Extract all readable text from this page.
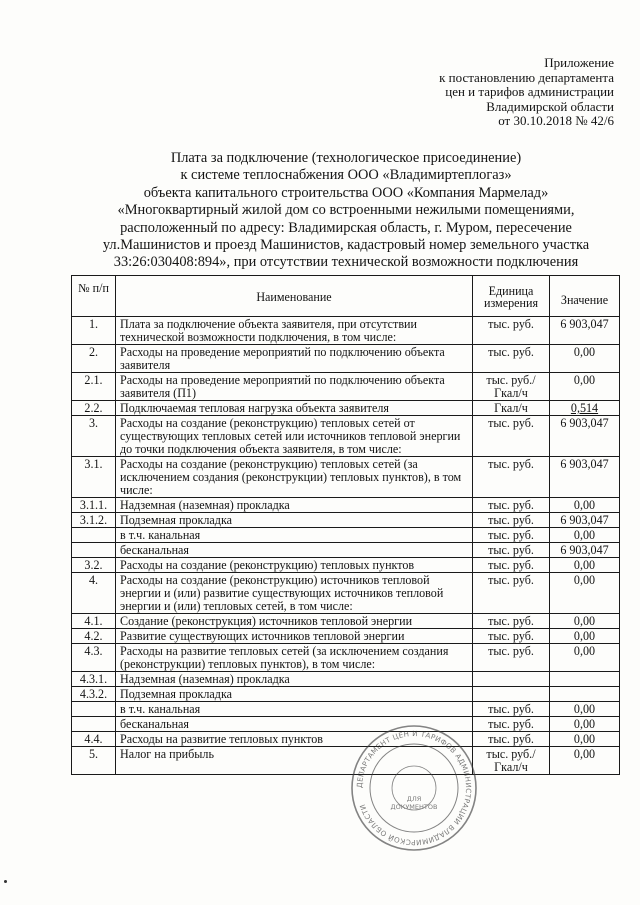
Приложение
к постановлению департамента
цен и тарифов администрации
Владимирской области
от 30.10.2018 № 42/6
Плата за подключение (технологическое присоединение)
к системе теплоснабжения ООО «Владимиртеплогаз»
объекта капитального строительства ООО «Компания Мармелад»
«Многоквартирный жилой дом со встроенными нежилыми помещениями,
расположенный по адресу: Владимирская область, г. Муром, пересечение
ул.Машинистов и проезд Машинистов, кадастровый номер земельного участка
33:26:030408:894», при отсутствии технической возможности подключения
№ п/п	Наименование	Единица измерения	Значение
1.	Плата за подключение объекта заявителя, при отсутствии технической возможности подключения, в том числе:	тыс. руб.	6 903,047
2.	Расходы на проведение мероприятий по подключению объекта заявителя	тыс. руб.	0,00
2.1.	Расходы на проведение мероприятий по подключению объекта заявителя (П1)	тыс. руб./ Гкал/ч	0,00
2.2.	Подключаемая тепловая нагрузка объекта заявителя	Гкал/ч	0,514
3.	Расходы на создание (реконструкцию) тепловых сетей от существующих тепловых сетей или источников тепловой энергии до точки подключения объекта заявителя, в том числе:	тыс. руб.	6 903,047
3.1.	Расходы на создание (реконструкцию) тепловых сетей (за исключением создания (реконструкции) тепловых пунктов), в том числе:	тыс. руб.	6 903,047
3.1.1.	Надземная (наземная) прокладка	тыс. руб.	0,00
3.1.2.	Подземная прокладка	тыс. руб.	6 903,047
	в т.ч. канальная	тыс. руб.	0,00
	бесканальная	тыс. руб.	6 903,047
3.2.	Расходы на создание (реконструкцию) тепловых пунктов	тыс. руб.	0,00
4.	Расходы на создание (реконструкцию) источников тепловой энергии и (или) развитие существующих источников тепловой энергии и (или) тепловых сетей, в том числе:	тыс. руб.	0,00
4.1.	Создание (реконструкция) источников тепловой энергии	тыс. руб.	0,00
4.2.	Развитие существующих источников тепловой энергии	тыс. руб.	0,00
4.3.	Расходы на развитие тепловых сетей (за исключением создания (реконструкции) тепловых пунктов), в том числе:	тыс. руб.	0,00
4.3.1.	Надземная (наземная) прокладка		
4.3.2.	Подземная прокладка		
	в т.ч. канальная	тыс. руб.	0,00
	бесканальная	тыс. руб.	0,00
4.4.	Расходы на развитие тепловых пунктов	тыс. руб.	0,00
5.	Налог на прибыль	тыс. руб./ Гкал/ч	0,00
ДЕПАРТАМЕНТ ЦЕН И ТАРИФОВ АДМИНИСТРАЦИИ ВЛАДИМИРСКОЙ ОБЛАСТИ
ДЛЯ
ДОКУМЕНТОВ
